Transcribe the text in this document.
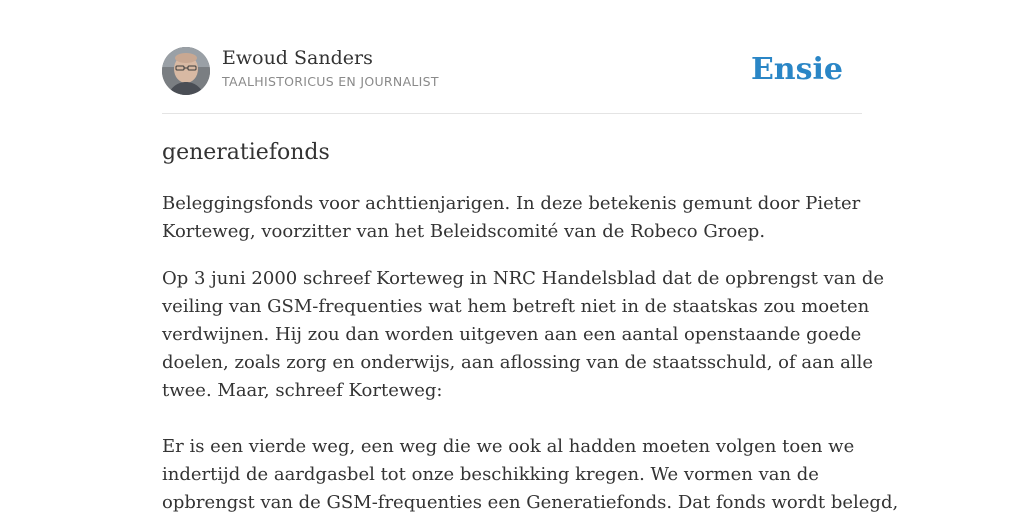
Ewoud Sanders
TAALHISTORICUS EN JOURNALIST	Ensie
generatiefonds
Beleggingsfonds voor achttienjarigen. In deze betekenis gemunt door Pieter
Korteweg, voorzitter van het Beleidscomité van de Robeco Groep.
Op 3 juni 2000 schreef Korteweg in NRC Handelsblad dat de opbrengst van de
veiling van GSM-frequenties wat hem betreft niet in de staatskas zou moeten
verdwijnen. Hij zou dan worden uitgeven aan een aantal openstaande goede
doelen, zoals zorg en onderwijs, aan aflossing van de staatsschuld, of aan alle
twee. Maar, schreef Korteweg:
Er is een vierde weg, een weg die we ook al hadden moeten volgen toen we
indertijd de aardgasbel tot onze beschikking kregen. We vormen van de
opbrengst van de GSM-frequenties een Generatiefonds. Dat fonds wordt belegd,
